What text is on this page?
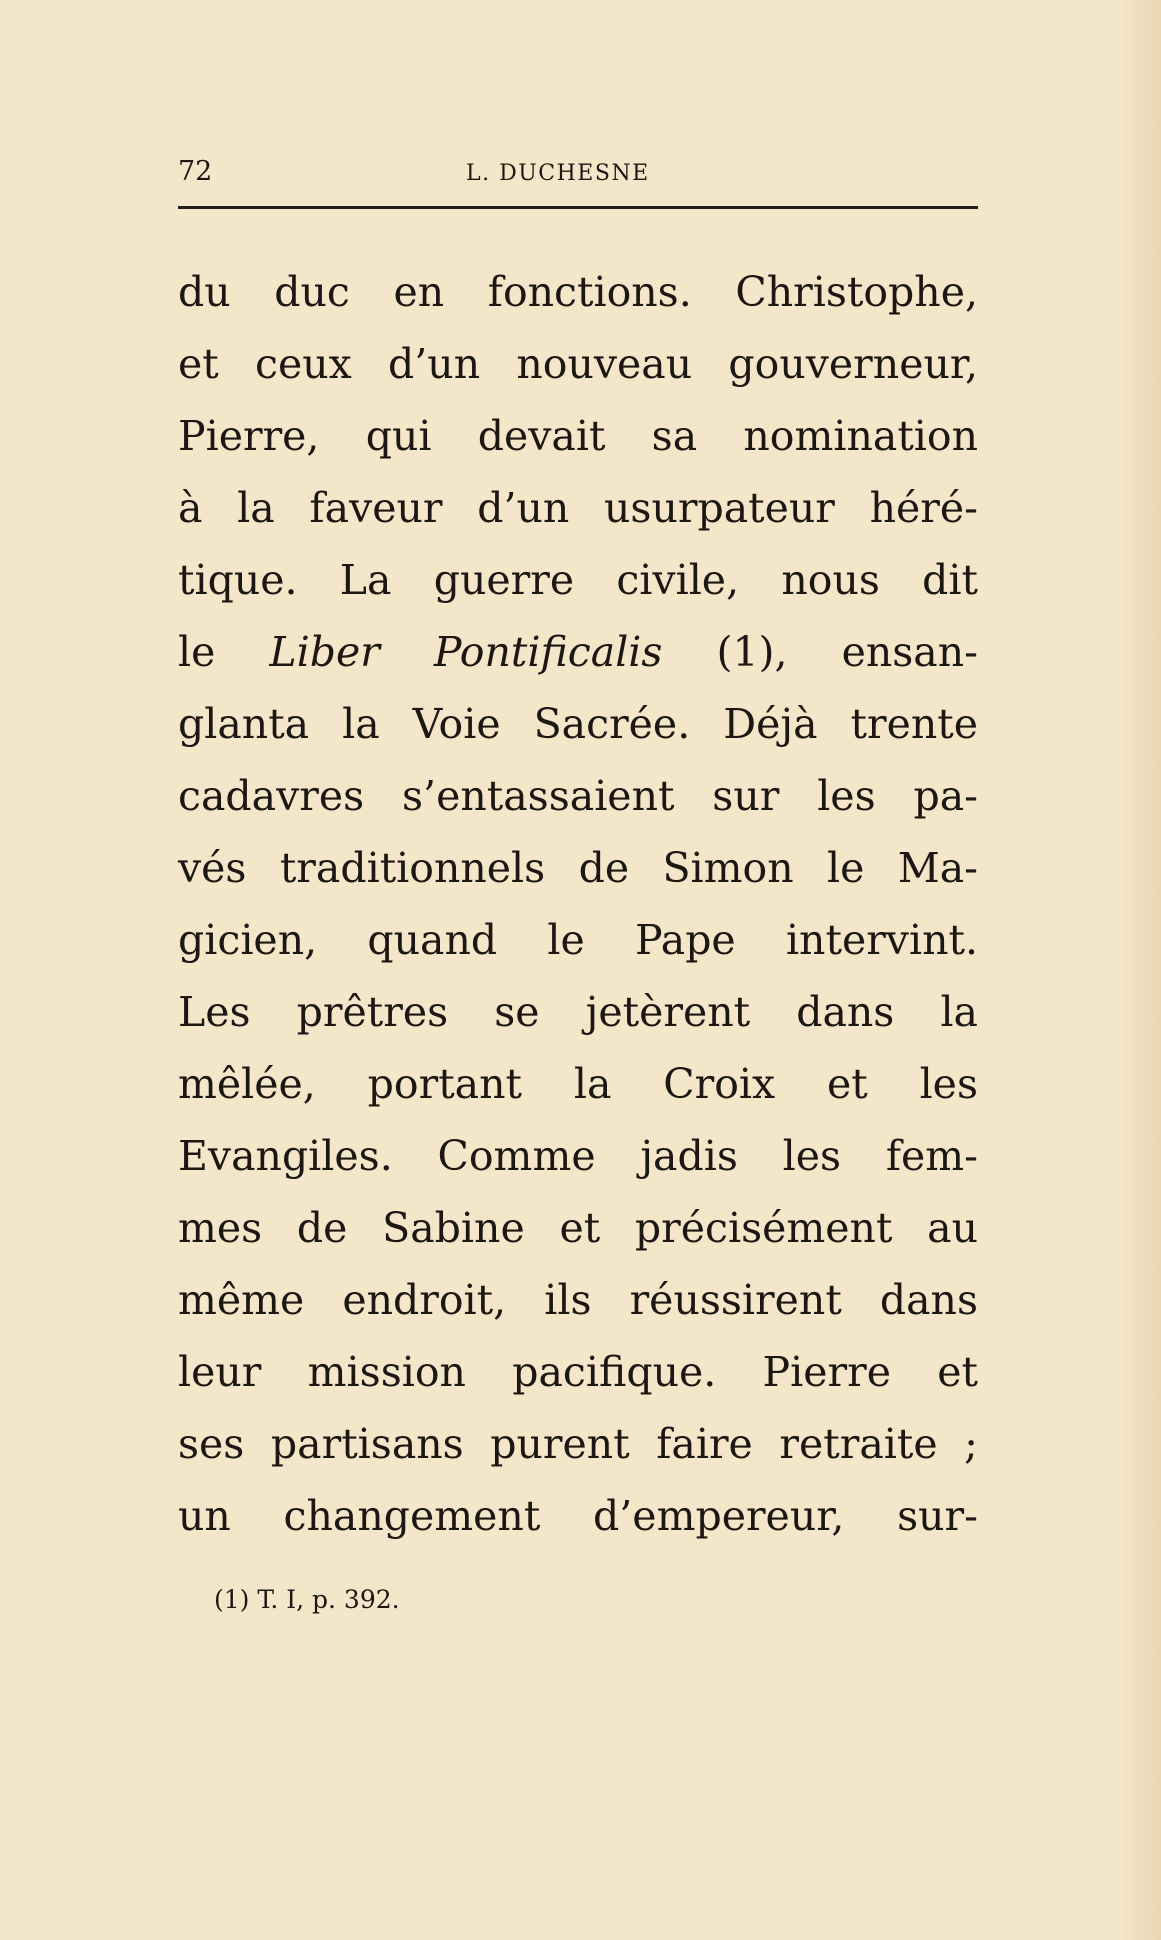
72	L. DUCHESNE
du duc en fonctions. Christophe,
et ceux d’un nouveau gouverneur,
Pierre, qui devait sa nomination
à la faveur d’un usurpateur héré-
tique. La guerre civile, nous dit
le Liber Pontificalis (1), ensan-
glanta la Voie Sacrée. Déjà trente
cadavres s’entassaient sur les pa-
vés traditionnels de Simon le Ma-
gicien, quand le Pape intervint.
Les prêtres se jetèrent dans la
mêlée, portant la Croix et les
Evangiles. Comme jadis les fem-
mes de Sabine et précisément au
même endroit, ils réussirent dans
leur mission pacifique. Pierre et
ses partisans purent faire retraite ;
un changement d’empereur, sur-
(1) T. I, p. 392.
